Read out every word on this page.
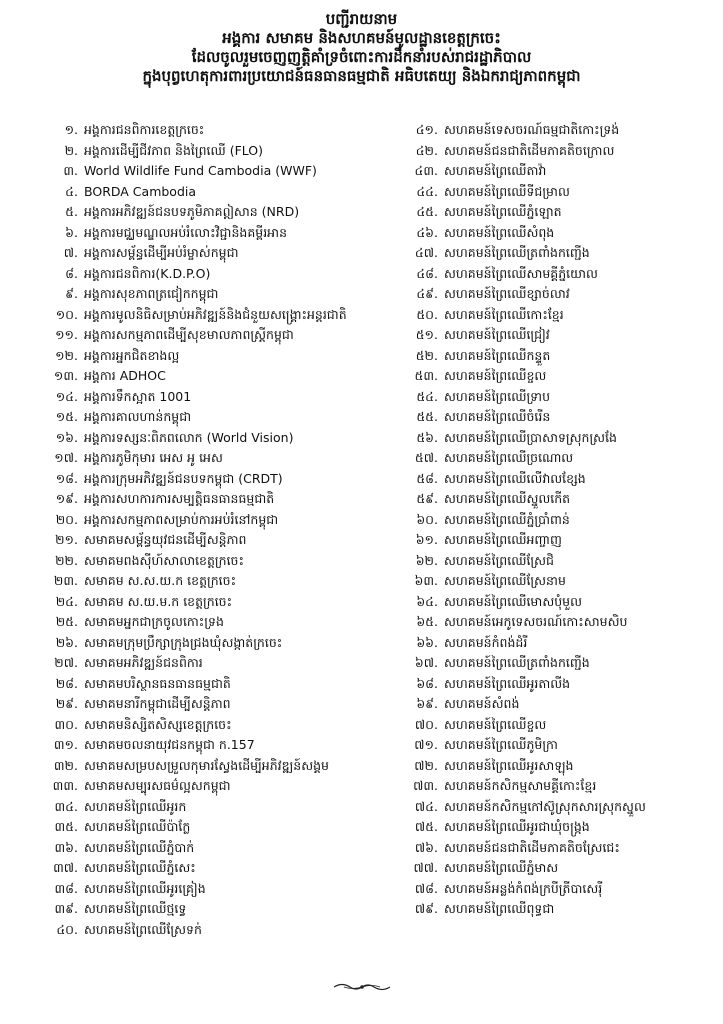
បញ្ជីរាយនាម
អង្គការ សមាគម និងសហគមន៍មូលដ្ឋានខេត្តក្រចេះ
ដែលចូលរួមចេញញត្តិគាំទ្រចំពោះការដឹកនាំរបស់រាជរដ្ឋាភិបាល
ក្នុងបុព្វហេតុការពារប្រយោជន៍ធនធានធម្មជាតិ អធិបតេយ្យ និងឯករាជ្យភាពកម្ពុជា
១. អង្គការជនពិការខេត្តក្រចេះ
២. អង្គការដើម្បីជីវភាព និងព្រៃឈើ (FLO)
៣. World Wildlife Fund Cambodia (WWF)
៤. BORDA Cambodia
៥. អង្គការអភិវឌ្ឍន៍ជនបទភូមិភាគឦសាន (NRD)
៦. អង្គការមជ្ឈមណ្ឌលអប់រំលោះវិជ្ជានិងគម្ពីរអាន
៧. អង្គការសម្ព័ន្ធដើម្បីអប់រំម្ចាស់កម្ពុជា
៨. អង្គការជនពិការ(K.D.P.O)
៩. អង្គការសុខភាពត្រជៀកកម្ពុជា
១០. អង្គការមូលនិធិសម្រាប់អភិវឌ្ឍន៍និងជំនួយសង្គ្រោះអន្តរជាតិ
១១. អង្គការសកម្មភាពដើម្បីសុខមាលភាពស្ត្រីកម្ពុជា
១២. អង្គការអ្នកជិតខាងល្អ
១៣. អង្គការ ADHOC
១៤. អង្គការទឹកស្អាត 1001
១៥. អង្គការគាលហាន់កម្ពុជា
១៦. អង្គការទស្សនៈពិភពលោក (World Vision)
១៧. អង្គការភូមិកុមារ អេស អូ អេស
១៨. អង្គការក្រុមអភិវឌ្ឍន៍ជនបទកម្ពុជា (CRDT)
១៩. អង្គការសហការការសម្បត្តិធនធានធម្មជាតិ
២០. អង្គការសកម្មភាពសម្រាប់ការអប់រំនៅកម្ពុជា
២១. សមាគមសម្ព័ន្ធយុវជនដើម្បីសន្តិភាព
២២. សមាគមពងស៊ីហ៍សាលាខេត្តក្រចេះ
២៣. សមាគម ស.ស.យ.ក ខេត្តក្រចេះ
២៤. សមាគម ស.យ.ម.ក ខេត្តក្រចេះ
២៥. សមាគមអ្នកជាក្រចូលកោះទ្រង
២៦. សមាគមក្រុមប្រឹក្សាក្រុងជ្រងឃុំសង្កាត់ក្រចេះ
២៧. សមាគមអភិវឌ្ឍន៍ជនពិការ
២៨. សមាគមបរិស្ថានធនធានធម្មជាតិ
២៩. សមាគមនារីកម្ពុជាដើម្បីសន្តិភាព
៣០. សមាគមនិស្សិតសិស្សខេត្តក្រចេះ
៣១. សមាគមចលនាយុវជនកម្ពុជា ក.157
៣២. សមាគមសម្របសម្រួលកុមារស្វែងដើម្បីអភិវឌ្ឍន៍សង្គម
៣៣. សមាគមសម្បុរសធម៌ល្អសកម្ពុជា
៣៤. សហគមន៍ព្រៃឈើអូរក
៣៥. សហគមន៍ព្រៃឈើប៉ាក្លែ
៣៦. សហគមន៍ព្រៃឈើភ្នំបាក់
៣៧. សហគមន៍ព្រៃឈើភ្នំសេះ
៣៨. សហគមន៍ព្រៃឈើអូរគ្រៀង
៣៩. សហគមន៍ព្រៃឈើថ្មទ្វេ
៤០. សហគមន៍ព្រៃឈើស្រែទក់
៤១. សហគមន៍ទេសចរណ៍ធម្មជាតិកោះទ្រង់
៤២. សហគមន៍ជនជាតិដើមភាគតិចក្រោល
៤៣. សហគមន៍ព្រៃឈើតាវ៉ា
៤៤. សហគមន៍ព្រៃឈើទីជម្រាល
៤៥. សហគមន៍ព្រៃឈើភ្នំឡោត
៤៦. សហគមន៍ព្រៃឈើសំពុង
៤៧. សហគមន៍ព្រៃឈើត្រពាំងកញ្ជើង
៤៨. សហគមន៍ព្រៃឈើសាមគ្គីភ្នំយោល
៤៩. សហគមន៍ព្រៃឈើខ្សាច់លាវ
៥០. សហគមន៍ព្រៃឈើកោះខ្មែរ
៥១. សហគមន៍ព្រៃឈើជ្រៀវ
៥២. សហគមន៍ព្រៃឈើកន្ទួត
៥៣. សហគមន៍ព្រៃឈើខ្ចល
៥៤. សហគមន៍ព្រៃឈើទ្រាប
៥៥. សហគមន៍ព្រៃឈើចំរើន
៥៦. សហគមន៍ព្រៃឈើប្រាសាទស្រុកស្រងែ
៥៧. សហគមន៍ព្រៃឈើច្រណោល
៥៨. សហគមន៍ព្រៃឈើលើវាលខ្សែង
៥៩. សហគមន៍ព្រៃឈើស្នួលកើត
៦០. សហគមន៍ព្រៃឈើភ្នំប្រាំពាន់
៦១. សហគមន៍ព្រៃឈើអញ្ចាញ
៦២. សហគមន៍ព្រៃឈើស្រែជិ
៦៣. សហគមន៍ព្រៃឈើស្រែនាម
៦៤. សហគមន៍ព្រៃឈើមោសបុំមួល
៦៥. សហគមន៍អេកូទេសចរណ៍កោះសាមសិប
៦៦. សហគមន៍កំពង់ដំរី
៦៧. សហគមន៍ព្រៃឈើត្រពាំងកញ្ជើង
៦៨. សហគមន៍ព្រៃឈើអូរតាលីង
៦៩. សហគមន៍សំពង់
៧០. សហគមន៍ព្រៃឈើខ្ចល
៧១. សហគមន៍ព្រៃឈើភូមិក្រា
៧២. សហគមន៍ព្រៃឈើអូរសាឡុង
៧៣. សហគមន៍កសិកម្មសាមគ្គីកោះខ្មែរ
៧៤. សហគមន៍កសិកម្មកៅស៊ូស្រុកសារស្រុកស្នួល
៧៥. សហគមន៍ព្រៃឈើអូរជាឃុំចង្រ្កង
៧៦. សហគមន៍ជនជាតិដើមភាគតិចស្រែជេះ
៧៧. សហគមន៍ព្រៃឈើភ្នំមាស
៧៨. សហគមន៍អន្លង់កំពង់ក្របីត្រីបាសេរ៉ី
៧៩. សហគមន៍ព្រៃឈើពុទ្ធជា
